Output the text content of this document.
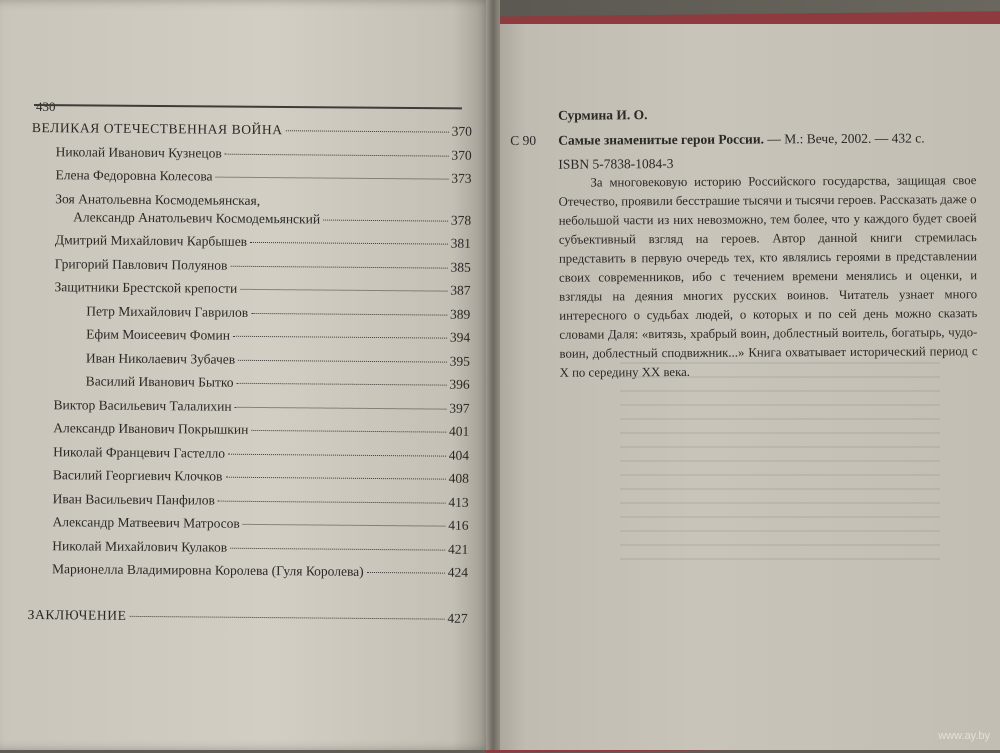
430
ВЕЛИКАЯ ОТЕЧЕСТВЕННАЯ ВОЙНА	370
Николай Иванович Кузнецов	370
Елена Федоровна Колесова	373
Зоя Анатольевна Космодемьянская,
Александр Анатольевич Космодемьянский	378
Дмитрий Михайлович Карбышев	381
Григорий Павлович Полуянов	385
Защитники Брестской крепости	387
Петр Михайлович Гаврилов	389
Ефим Моисеевич Фомин	394
Иван Николаевич Зубачев	395
Василий Иванович Бытко	396
Виктор Васильевич Талалихин	397
Александр Иванович Покрышкин	401
Николай Францевич Гастелло	404
Василий Георгиевич Клочков	408
Иван Васильевич Панфилов	413
Александр Матвеевич Матросов	416
Николай Михайлович Кулаков	421
Марионелла Владимировна Королева (Гуля Королева)	424
ЗАКЛЮЧЕНИЕ	427
Сурмина И. О.
С 90 Самые знаменитые герои России. — М.: Вече, 2002. — 432 с.
ISBN 5-7838-1084-3
За многовековую историю Российского государства, защищая свое Отечество, проявили бесстрашие тысячи и тысячи героев. Рассказать даже о небольшой части из них невозможно, тем более, что у каждого будет своей субъективный взгляд на героев. Автор данной книги стремилась представить в первую очередь тех, кто являлись героями в представлении своих современников, ибо с течением времени менялись и оценки, и взгляды на деяния многих русских воинов. Читатель узнает много интересного о судьбах людей, о которых и по сей день можно сказать словами Даля: «витязь, храбрый воин, доблестный воитель, богатырь, чудо-воин, доблестный сподвижник...» Книга охватывает исторический период с X по середину XX века.
www.ay.by
